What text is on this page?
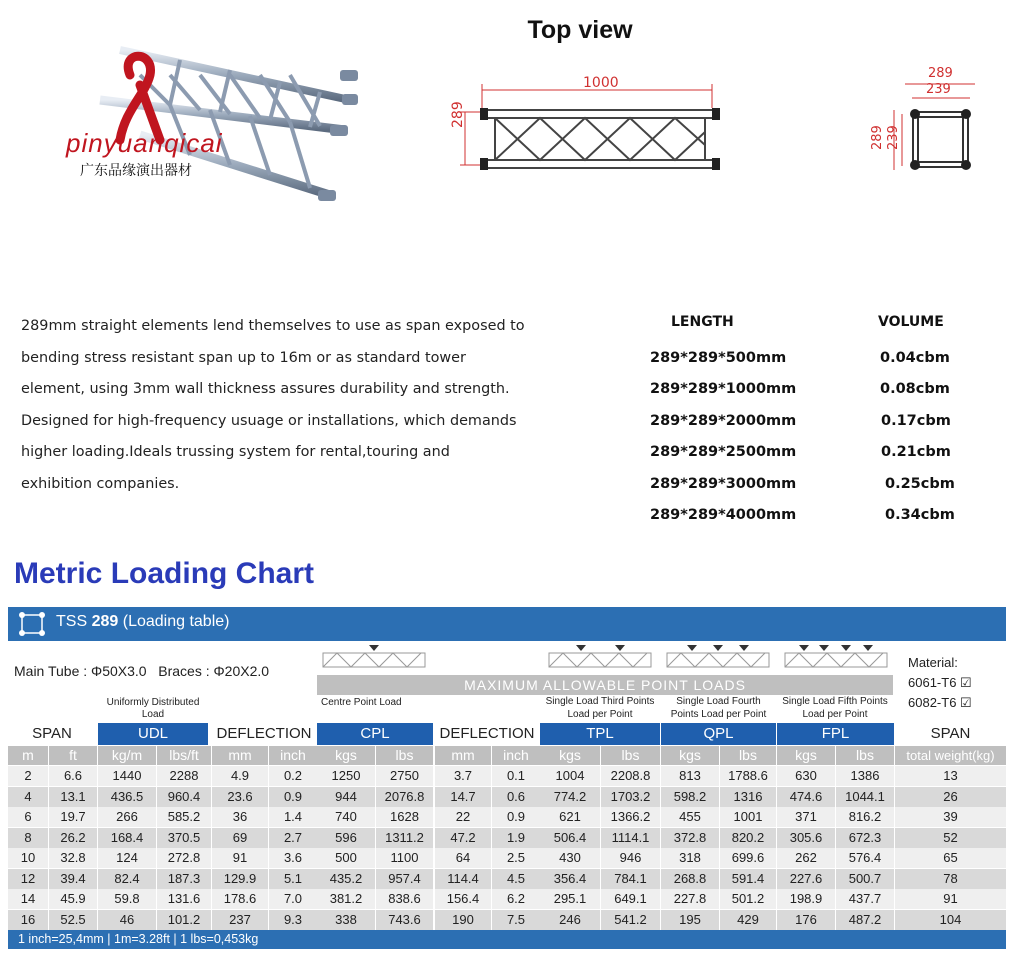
pinyuanqicai
广东品缘演出器材
Top view
1000
289
289
239
289 239

289mm straight elements lend themselves to use as span exposed to

bending stress resistant span up to 16m or as standard tower

element, using 3mm wall thickness assures durability and strength.

Designed for high-frequency usuage or installations, which demands

higher loading.Ideals trussing system for rental,touring and

exhibition companies.

LENGTH	VOLUME
289*289*500mm	0.04cbm
289*289*1000mm	0.08cbm
289*289*2000mm	0.17cbm
289*289*2500mm	0.21cbm
289*289*3000mm	0.25cbm
289*289*4000mm	0.34cbm
Metric Loading Chart
TSS 289 (Loading table)
Main Tube : Φ50X3.0   Braces : Φ20X2.0
MAXIMUM ALLOWABLE POINT LOADS
Material:
6061-T6 ☑
6082-T6 ☑
Uniformly Distributed Load
Centre Point Load	Single Load Third Points Load per Point
Single Load Fourth Points Load per Point
Single Load Fifth Points Load per Point
SPAN	UDL	DEFLECTION	CPL	DEFLECTION	TPL	QPL	FPL	SPAN
m	ft	kg/m	lbs/ft	mm	inch	kgs	lbs	mm	inch	kgs	lbs	kgs	lbs	kgs	lbs	total weight(kg)
2	6.6	1440	2288	4.9	0.2	1250	2750	3.7	0.1	1004	2208.8	813	1788.6	630	1386	13
4	13.1	436.5	960.4	23.6	0.9	944	2076.8	14.7	0.6	774.2	1703.2	598.2	1316	474.6	1044.1	26
6	19.7	266	585.2	36	1.4	740	1628	22	0.9	621	1366.2	455	1001	371	816.2	39
8	26.2	168.4	370.5	69	2.7	596	1311.2	47.2	1.9	506.4	1114.1	372.8	820.2	305.6	672.3	52
10	32.8	124	272.8	91	3.6	500	1100	64	2.5	430	946	318	699.6	262	576.4	65
12	39.4	82.4	187.3	129.9	5.1	435.2	957.4	114.4	4.5	356.4	784.1	268.8	591.4	227.6	500.7	78
14	45.9	59.8	131.6	178.6	7.0	381.2	838.6	156.4	6.2	295.1	649.1	227.8	501.2	198.9	437.7	91
16	52.5	46	101.2	237	9.3	338	743.6	190	7.5	246	541.2	195	429	176	487.2	104
1 inch=25,4mm | 1m=3.28ft | 1 lbs=0,453kg
